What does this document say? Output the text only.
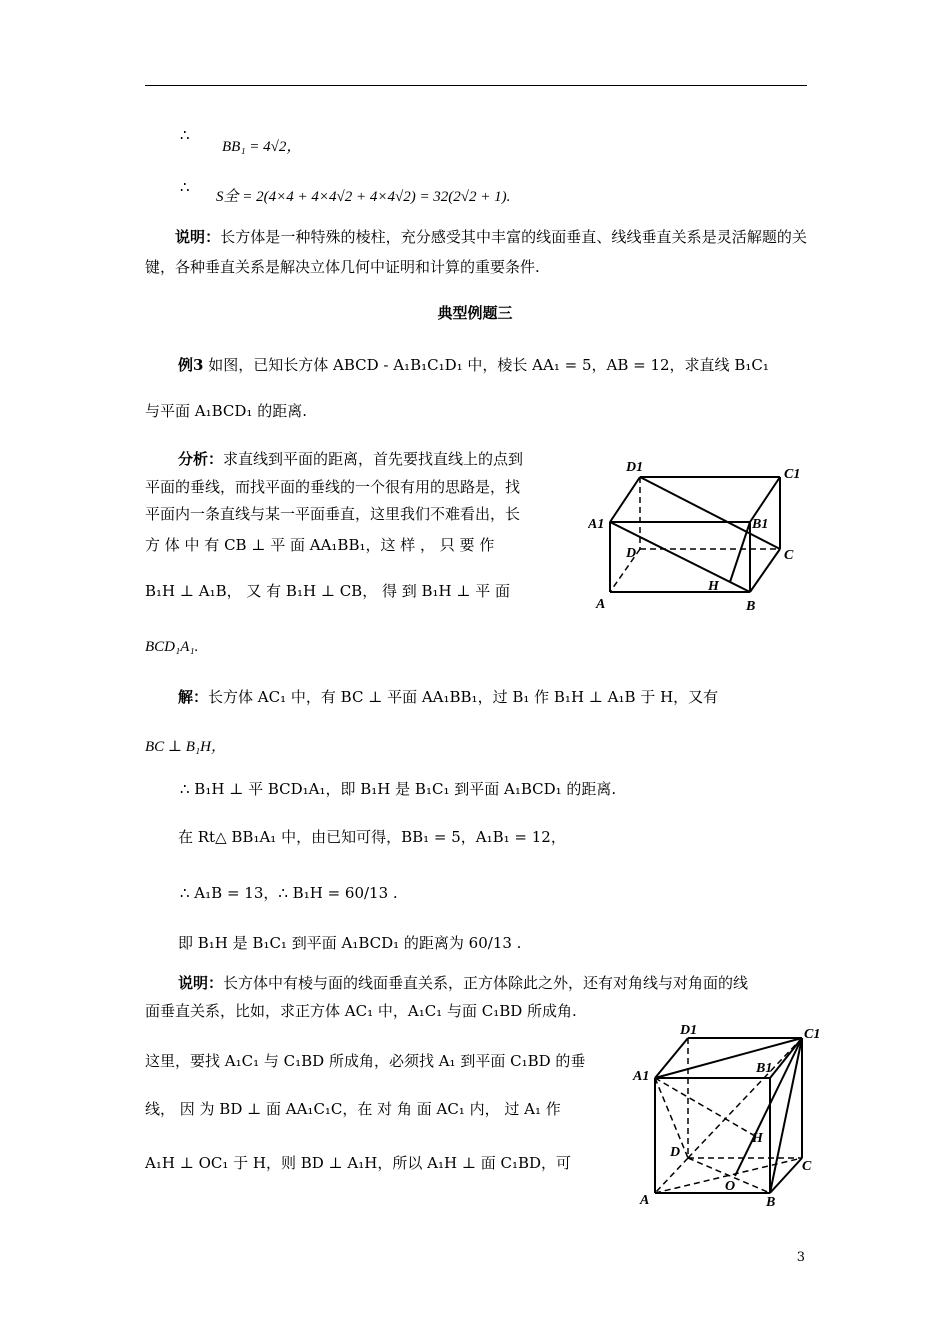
∴
BB₁ = 4√2，
∴
S全 = 2(4×4 + 4×4√2 + 4×4√2) = 32(2√2 + 1).
说明：长方体是一种特殊的棱柱，充分感受其中丰富的线面垂直、线线垂直关系是灵活解题的关键，各种垂直关系是解决立体几何中证明和计算的重要条件.
典型例题三
例3 如图，已知长方体 ABCD - A₁B₁C₁D₁ 中，棱长 AA₁ = 5，AB = 12，求直线 B₁C₁
与平面 A₁BCD₁ 的距离.
分析：求直线到平面的距离，首先要找直线上的点到
平面的垂线，而找平面的垂线的一个很有用的思路是，找
平面内一条直线与某一平面垂直，这里我们不难看出，长
方 体 中 有 CB ⊥ 平 面 AA₁BB₁，这 样 ， 只 要 作
B₁H ⊥ A₁B， 又 有 B₁H ⊥ CB， 得 到 B₁H ⊥ 平 面
BCD₁A₁.
D1	C1
A1	B1
D	C
H
A	B
解：长方体 AC₁ 中，有 BC ⊥ 平面 AA₁BB₁，过 B₁ 作 B₁H ⊥ A₁B 于 H，又有
BC ⊥ B₁H，
∴ B₁H ⊥ 平 BCD₁A₁，即 B₁H 是 B₁C₁ 到平面 A₁BCD₁ 的距离.
在 Rt△ BB₁A₁ 中，由已知可得，BB₁ = 5，A₁B₁ = 12，
∴ A₁B = 13，∴ B₁H = 60/13 .
即 B₁H 是 B₁C₁ 到平面 A₁BCD₁ 的距离为 60/13 .
说明：长方体中有棱与面的线面垂直关系，正方体除此之外，还有对角线与对角面的线
面垂直关系，比如，求正方体 AC₁ 中，A₁C₁ 与面 C₁BD 所成角.
这里，要找 A₁C₁ 与 C₁BD 所成角，必须找 A₁ 到平面 C₁BD 的垂
线， 因 为 BD ⊥ 面 AA₁C₁C，在 对 角 面 AC₁ 内， 过 A₁ 作
A₁H ⊥ OC₁ 于 H，则 BD ⊥ A₁H，所以 A₁H ⊥ 面 C₁BD，可
D1	C1
A1
B1
H
D
C
O
A	B
3
